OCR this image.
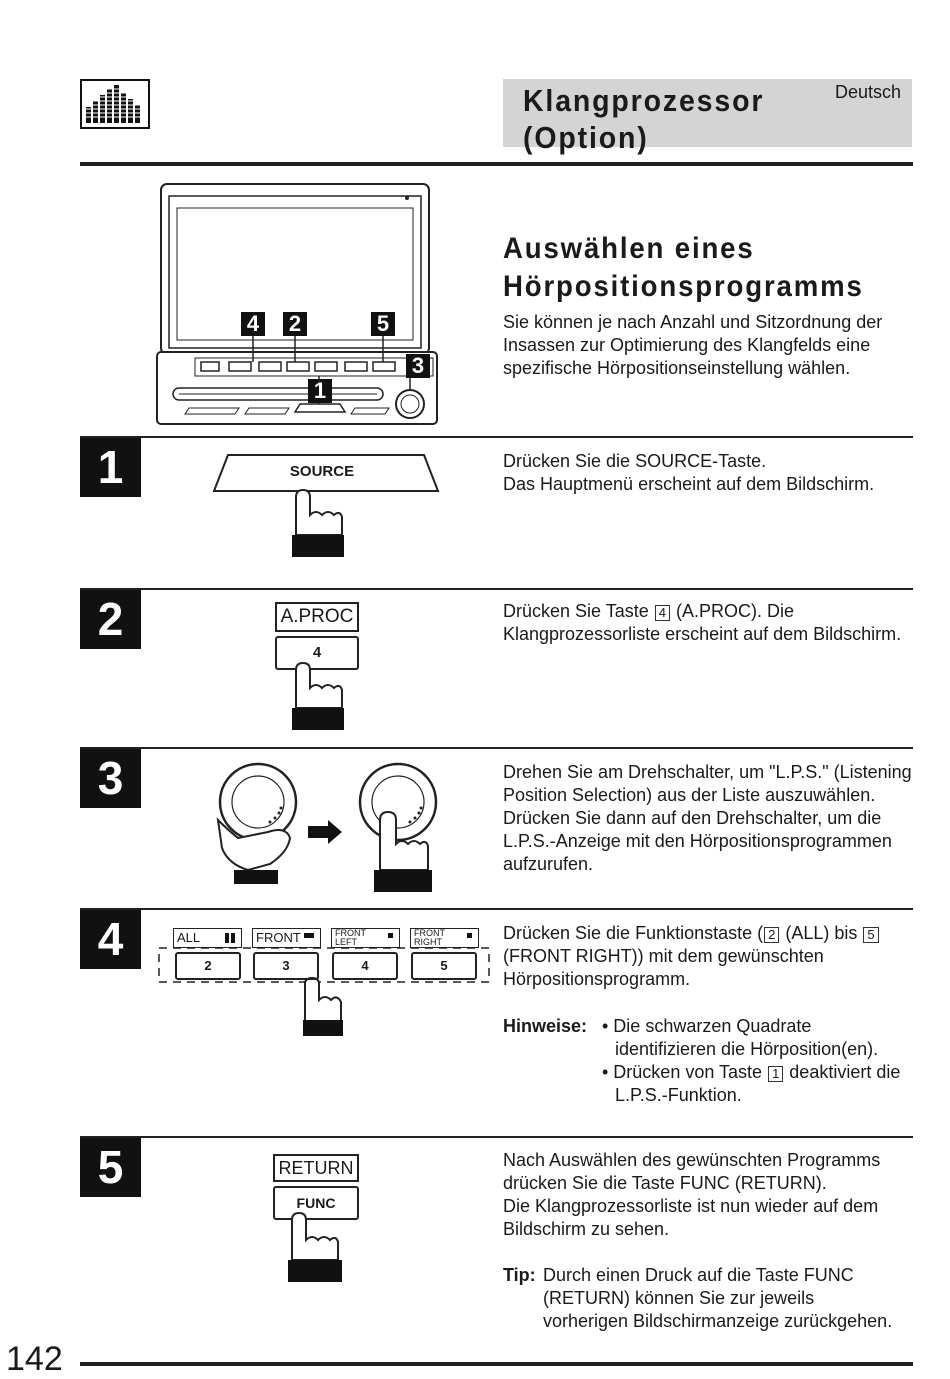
Klangprozessor
(Option)
Deutsch
4 2	5
3
1
Auswählen eines
Hörpositionsprogramms
Sie können je nach Anzahl und Sitzordnung der Insassen zur Optimierung des Klangfelds eine spezifische Hörpositionseinstellung wählen.
1	SOURCE
Drücken Sie die SOURCE-Taste.
Das Hauptmenü erscheint auf dem Bildschirm.
2	A.PROC
4
Drücken Sie Taste 4 (A.PROC). Die Klangprozessorliste erscheint auf dem Bildschirm.
3	Drehen Sie am Drehschalter, um "L.P.S." (Listening Position Selection) aus der Liste auszuwählen. Drücken Sie dann auf den Drehschalter, um die L.P.S.-Anzeige mit den Hörpositionsprogrammen aufzurufen.
4	ALL
2
FRONT
3
FRONT
LEFT
4
FRONT
RIGHT
5
Drücken Sie die Funktionstaste ( 2 (ALL) bis 5 (FRONT RIGHT)) mit dem gewünschten Hörpositionsprogramm.
Hinweise: • Die schwarzen Quadrate identifizieren die Hörposition(en).
• Drücken von Taste 1 deaktiviert die L.P.S.-Funktion.
5	RETURN
FUNC
Nach Auswählen des gewünschten Programms drücken Sie die Taste FUNC (RETURN).
Die Klangprozessorliste ist nun wieder auf dem Bildschirm zu sehen.
Tip: Durch einen Druck auf die Taste FUNC (RETURN) können Sie zur jeweils vorherigen Bildschirmanzeige zurückgehen.
142
